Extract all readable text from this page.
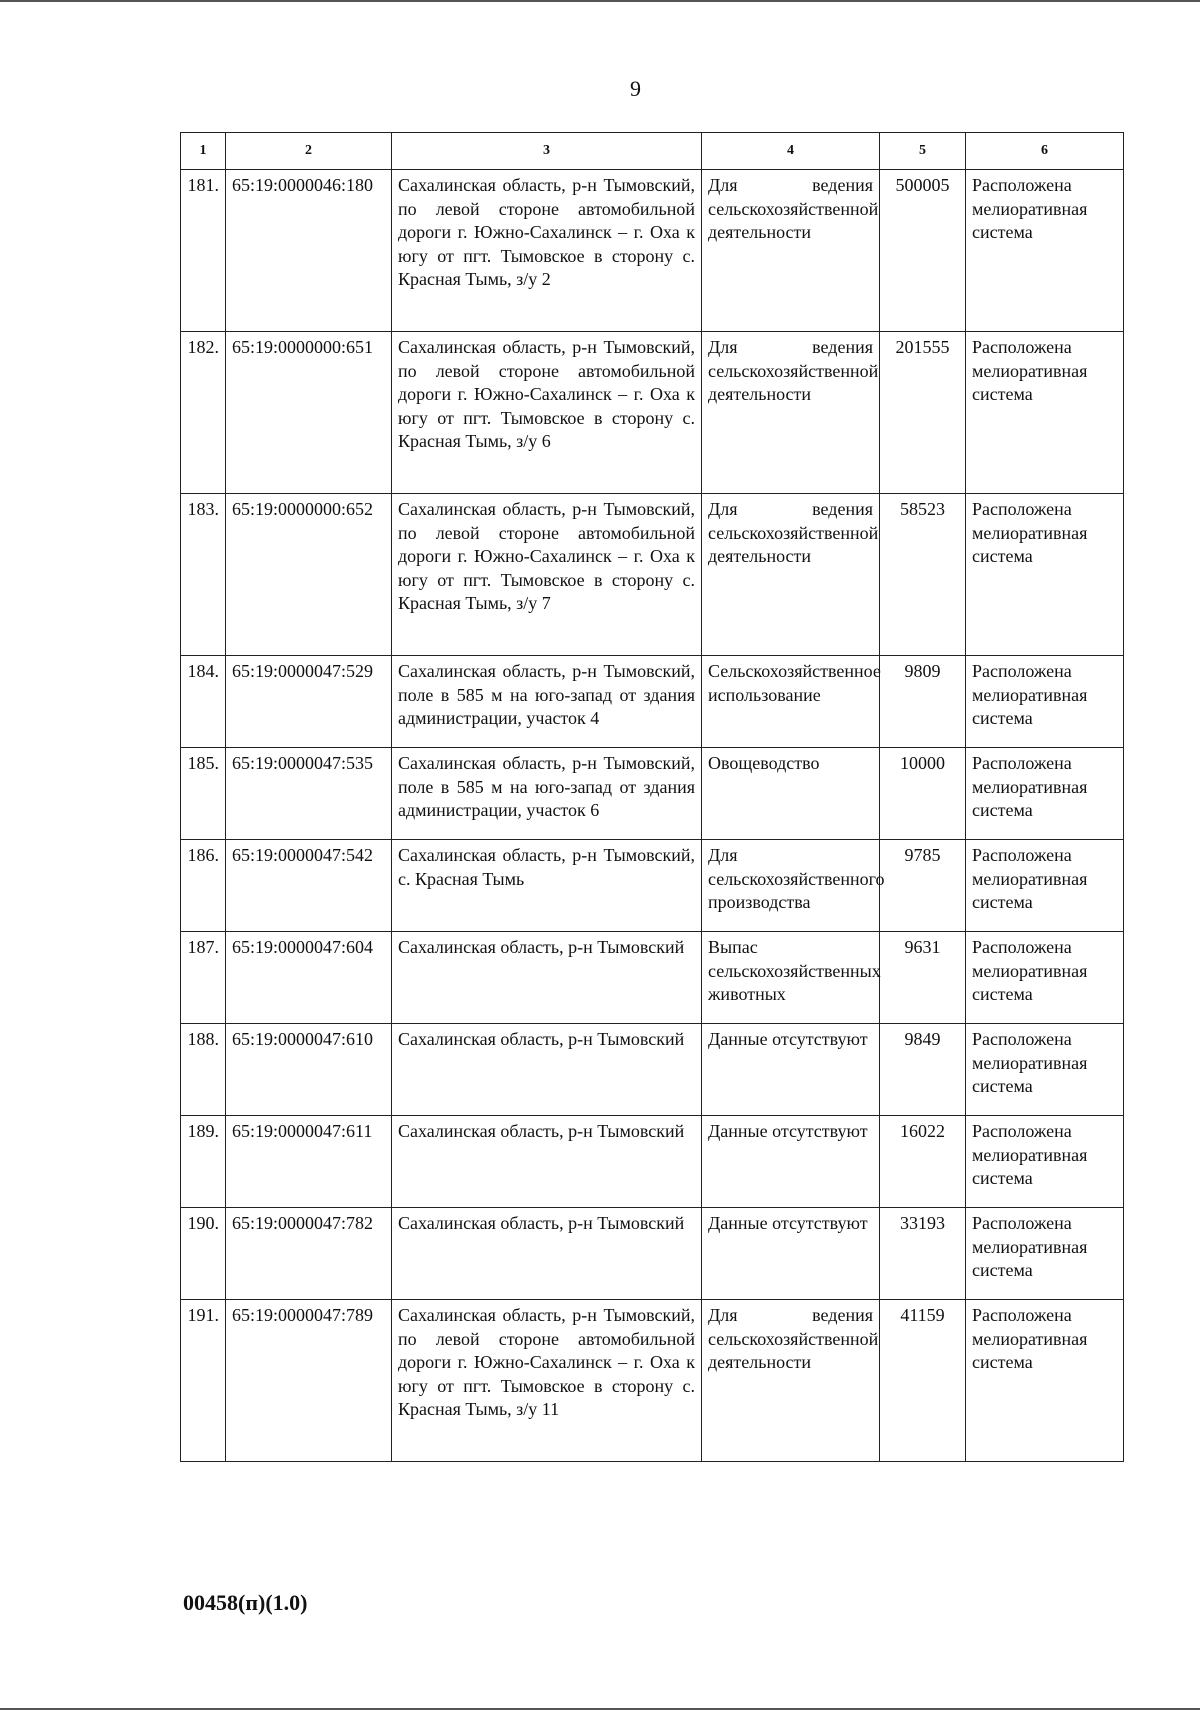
9
1	2	3	4	5	6
181.	65:19:0000046:180	Сахалинская область, р-н Тымовский, по левой стороне автомобильной дороги г. Южно-Сахалинск – г. Оха к югу от пгт. Тымовское в сторону с. Красная Тымь, з/у 2	Для ведения сельскохозяйственной деятельности	500005	Расположена мелиоративная система
182.	65:19:0000000:651	Сахалинская область, р-н Тымовский, по левой стороне автомобильной дороги г. Южно-Сахалинск – г. Оха к югу от пгт. Тымовское в сторону с. Красная Тымь, з/у 6	Для ведения сельскохозяйственной деятельности	201555	Расположена мелиоративная система
183.	65:19:0000000:652	Сахалинская область, р-н Тымовский, по левой стороне автомобильной дороги г. Южно-Сахалинск – г. Оха к югу от пгт. Тымовское в сторону с. Красная Тымь, з/у 7	Для ведения сельскохозяйственной деятельности	58523	Расположена мелиоративная система
184.	65:19:0000047:529	Сахалинская область, р-н Тымовский, поле в 585 м на юго-запад от здания администрации, участок 4	Сельскохозяйственное использование	9809	Расположена мелиоративная система
185.	65:19:0000047:535	Сахалинская область, р-н Тымовский, поле в 585 м на юго-запад от здания администрации, участок 6	Овощеводство	10000	Расположена мелиоративная система
186.	65:19:0000047:542	Сахалинская область, р-н Тымовский, с. Красная Тымь	Для сельскохозяйственного производства	9785	Расположена мелиоративная система
187.	65:19:0000047:604	Сахалинская область, р-н Тымовский	Выпас сельскохозяйственных животных	9631	Расположена мелиоративная система
188.	65:19:0000047:610	Сахалинская область, р-н Тымовский	Данные отсутствуют	9849	Расположена мелиоративная система
189.	65:19:0000047:611	Сахалинская область, р-н Тымовский	Данные отсутствуют	16022	Расположена мелиоративная система
190.	65:19:0000047:782	Сахалинская область, р-н Тымовский	Данные отсутствуют	33193	Расположена мелиоративная система
191.	65:19:0000047:789	Сахалинская область, р-н Тымовский, по левой стороне автомобильной дороги г. Южно-Сахалинск – г. Оха к югу от пгт. Тымовское в сторону с. Красная Тымь, з/у 11	Для ведения сельскохозяйственной деятельности	41159	Расположена мелиоративная система
00458(п)(1.0)
